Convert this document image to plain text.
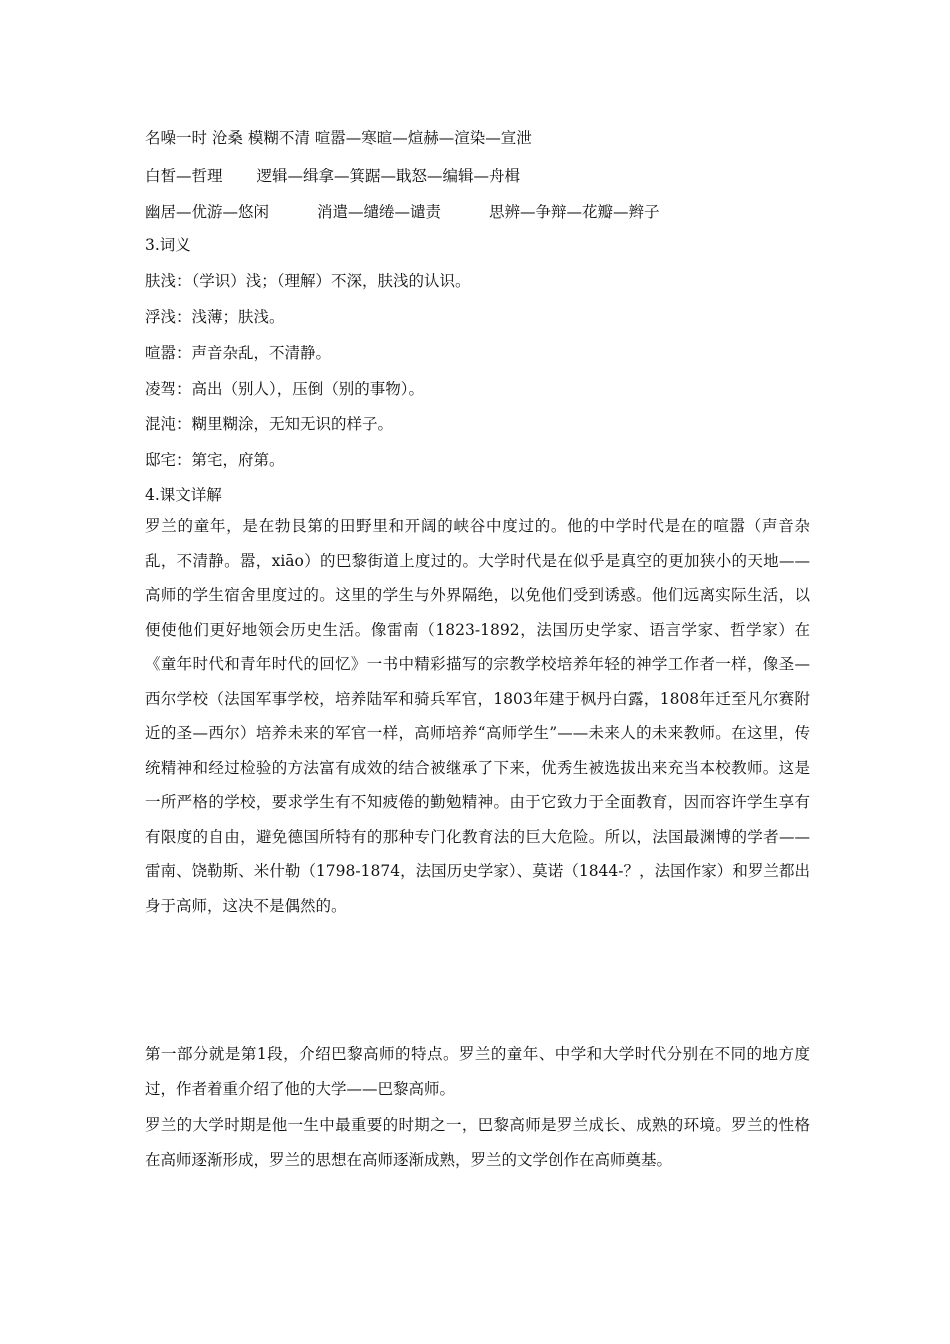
名噪一时 沧桑 模糊不清 喧嚣—寒暄—煊赫—渲染—宣泄
白皙—哲理 逻辑—缉拿—箕踞—戢怒—编辑—舟楫
幽居—优游—悠闲	消遣—缱绻—谴责	思辨—争辩—花瓣—辫子
3.词义
肤浅：（学识）浅；（理解）不深，肤浅的认识。
浮浅：浅薄；肤浅。
喧嚣：声音杂乱，不清静。
凌驾：高出（别人），压倒（别的事物）。
混沌：糊里糊涂，无知无识的样子。
邸宅：第宅，府第。
4.课文详解

罗兰的童年，是在勃艮第的田野里和开阔的峡谷中度过的。他的中学时代是在的喧嚣（声音杂乱，不清静。嚣，xiāo）的巴黎街道上度过的。大学时代是在似乎是真空的更加狭小的天地——高师的学生宿舍里度过的。这里的学生与外界隔绝，以免他们受到诱惑。他们远离实际生活，以便使他们更好地领会历史生活。像雷南（1823-1892，法国历史学家、语言学家、哲学家）在《童年时代和青年时代的回忆》一书中精彩描写的宗教学校培养年轻的神学工作者一样，像圣—西尔学校（法国军事学校，培养陆军和骑兵军官，1803年建于枫丹白露，1808年迁至凡尔赛附近的圣—西尔）培养未来的军官一样，高师培养“高师学生”——未来人的未来教师。在这里，传统精神和经过检验的方法富有成效的结合被继承了下来，优秀生被选拔出来充当本校教师。这是一所严格的学校，要求学生有不知疲倦的勤勉精神。由于它致力于全面教育，因而容许学生享有有限度的自由，避免德国所特有的那种专门化教育法的巨大危险。所以，法国最渊博的学者——雷南、饶勒斯、米什勒（1798-1874，法国历史学家）、莫诺（1844-？，法国作家）和罗兰都出身于高师，这决不是偶然的。

第一部分就是第1段，介绍巴黎高师的特点。罗兰的童年、中学和大学时代分别在不同的地方度过，作者着重介绍了他的大学——巴黎高师。

罗兰的大学时期是他一生中最重要的时期之一，巴黎高师是罗兰成长、成熟的环境。罗兰的性格在高师逐渐形成，罗兰的思想在高师逐渐成熟，罗兰的文学创作在高师奠基。
